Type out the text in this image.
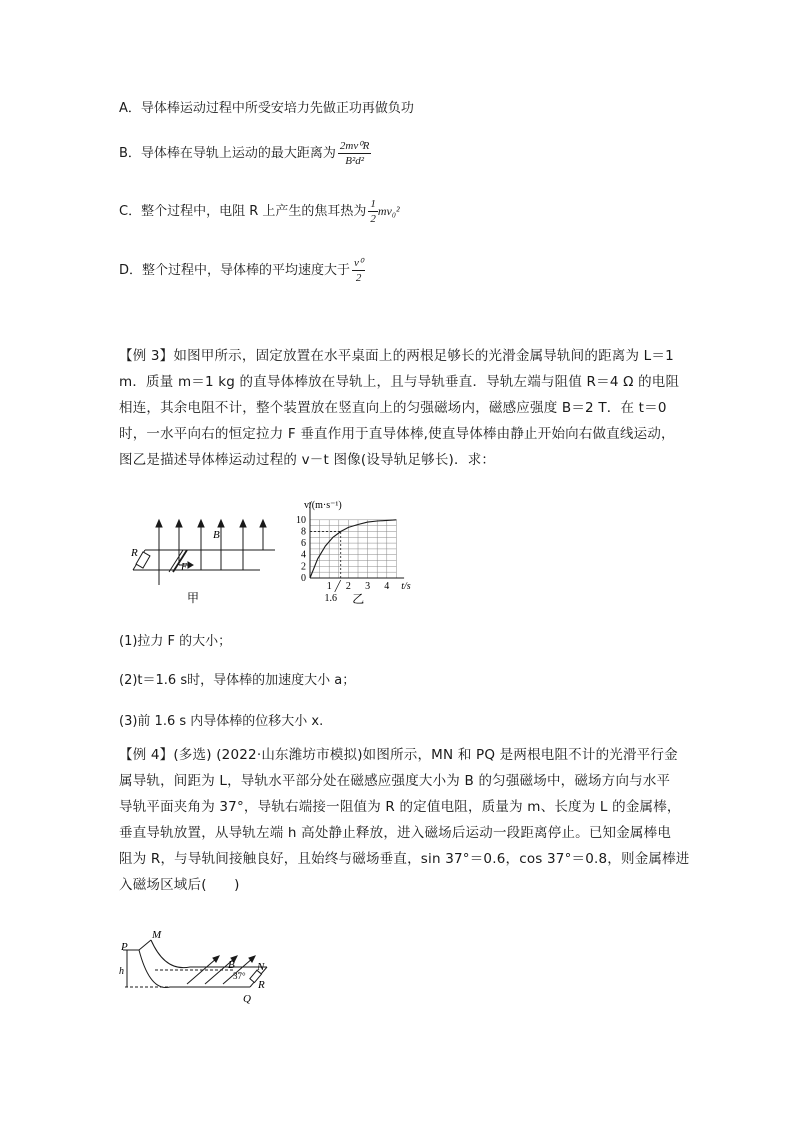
A．导体棒运动过程中所受安培力先做正功再做负功
B．导体棒在导轨上运动的最大距离为 $\frac{\text{2mv⁰R}}{\text{B²d²}}$
C．整个过程中，电阻 R 上产生的焦耳热为 $\frac{1}{2} mv_0^2$
D．整个过程中，导体棒的平均速度大于 $\frac{\text{v⁰}}{2}$
【例 3】如图甲所示，固定放置在水平桌面上的两根足够长的光滑金属导轨间的距离为 L＝1
m．质量 m＝1 kg 的直导体棒放在导轨上，且与导轨垂直．导轨左端与阻值 R＝4 Ω 的电阻
相连，其余电阻不计，整个装置放在竖直向上的匀强磁场内，磁感应强度 B＝2 T．在 t＝0
时，一水平向右的恒定拉力 F 垂直作用于直导体棒,使直导体棒由静止开始向右做直线运动，
图乙是描述导体棒运动过程的 v－t 图像(设导轨足够长)．求：
R
F
B
甲
0
2
4
6
8
10
1 2 3 4
1.6
v/(m·s⁻¹)
t/s
乙
(1)拉力 F 的大小；
(2)t＝1.6 s时，导体棒的加速度大小 a；
(3)前 1.6 s 内导体棒的位移大小 x.
【例 4】(多选) (2022·山东潍坊市模拟)如图所示，MN 和 PQ 是两根电阻不计的光滑平行金
属导轨，间距为 L，导轨水平部分处在磁感应强度大小为 B 的匀强磁场中，磁场方向与水平
导轨平面夹角为 37°，导轨右端接一阻值为 R 的定值电阻，质量为 m、长度为 L 的金属棒，
垂直导轨放置，从导轨左端 h 高处静止释放，进入磁场后运动一段距离停止。已知金属棒电
阻为 R，与导轨间接触良好，且始终与磁场垂直，sin 37°＝0.6，cos 37°＝0.8，则金属棒进
入磁场区域后(　　)
P
M
h
B N
37°
R
Q
